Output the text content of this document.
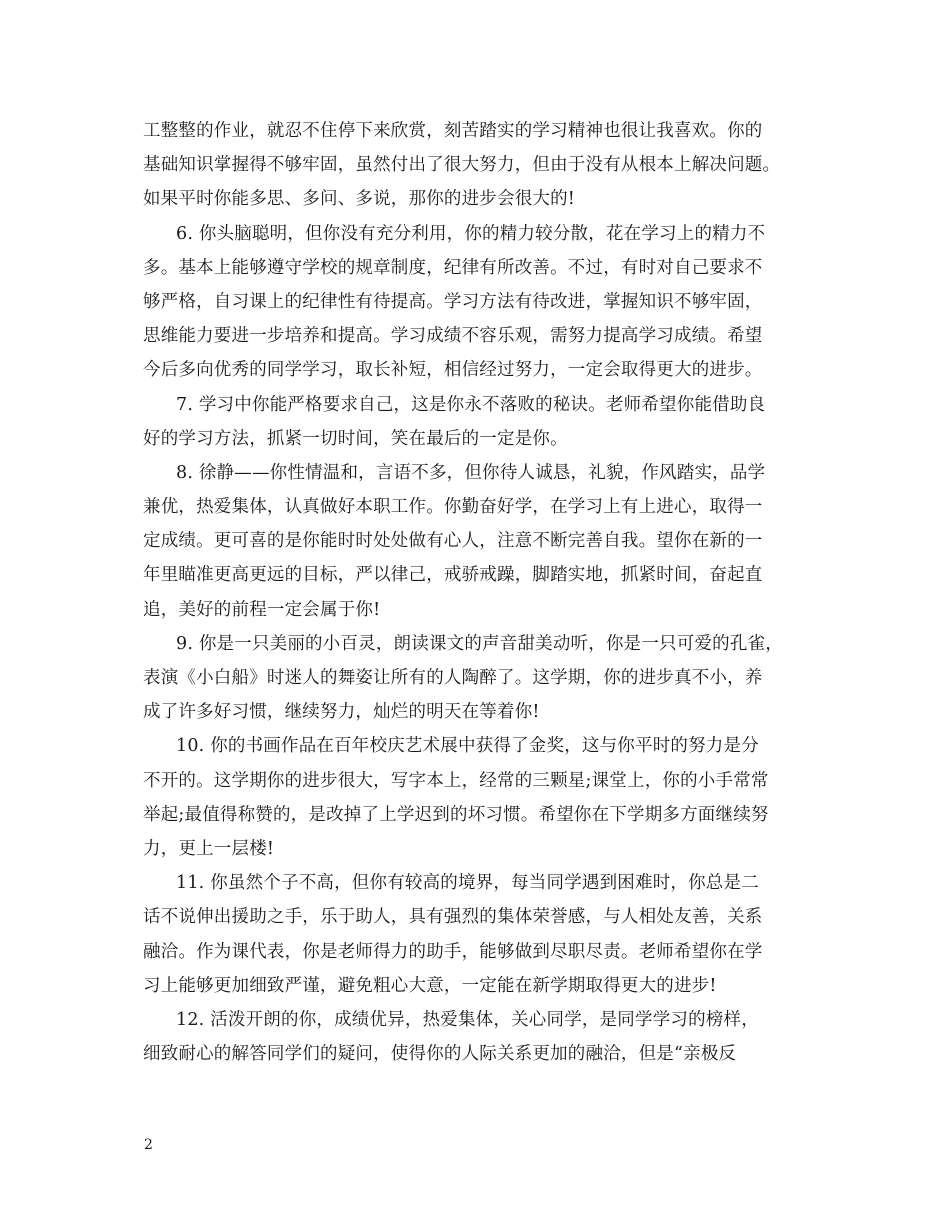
工整整的作业，就忍不住停下来欣赏，刻苦踏实的学习精神也很让我喜欢。你的
基础知识掌握得不够牢固，虽然付出了很大努力，但由于没有从根本上解决问题。
如果平时你能多思、多问、多说，那你的进步会很大的!
6. 你头脑聪明，但你没有充分利用，你的精力较分散，花在学习上的精力不
多。基本上能够遵守学校的规章制度，纪律有所改善。不过，有时对自己要求不
够严格，自习课上的纪律性有待提高。学习方法有待改进，掌握知识不够牢固，
思维能力要进一步培养和提高。学习成绩不容乐观，需努力提高学习成绩。希望
今后多向优秀的同学学习，取长补短，相信经过努力，一定会取得更大的进步。
7. 学习中你能严格要求自己，这是你永不落败的秘诀。老师希望你能借助良
好的学习方法，抓紧一切时间，笑在最后的一定是你。
8. 徐静——你性情温和，言语不多，但你待人诚恳，礼貌，作风踏实，品学
兼优，热爱集体，认真做好本职工作。你勤奋好学，在学习上有上进心，取得一
定成绩。更可喜的是你能时时处处做有心人，注意不断完善自我。望你在新的一
年里瞄准更高更远的目标，严以律己，戒骄戒躁，脚踏实地，抓紧时间，奋起直
追，美好的前程一定会属于你!
9. 你是一只美丽的小百灵，朗读课文的声音甜美动听，你是一只可爱的孔雀，
表演《小白船》时迷人的舞姿让所有的人陶醉了。这学期，你的进步真不小，养
成了许多好习惯，继续努力，灿烂的明天在等着你!
10. 你的书画作品在百年校庆艺术展中获得了金奖，这与你平时的努力是分
不开的。这学期你的进步很大，写字本上，经常的三颗星;课堂上，你的小手常常
举起;最值得称赞的，是改掉了上学迟到的坏习惯。希望你在下学期多方面继续努
力，更上一层楼!
11. 你虽然个子不高，但你有较高的境界，每当同学遇到困难时，你总是二
话不说伸出援助之手，乐于助人，具有强烈的集体荣誉感，与人相处友善，关系
融洽。作为课代表，你是老师得力的助手，能够做到尽职尽责。老师希望你在学
习上能够更加细致严谨，避免粗心大意，一定能在新学期取得更大的进步!
12. 活泼开朗的你，成绩优异，热爱集体，关心同学，是同学学习的榜样，
细致耐心的解答同学们的疑问，使得你的人际关系更加的融洽，但是“亲极反
2
